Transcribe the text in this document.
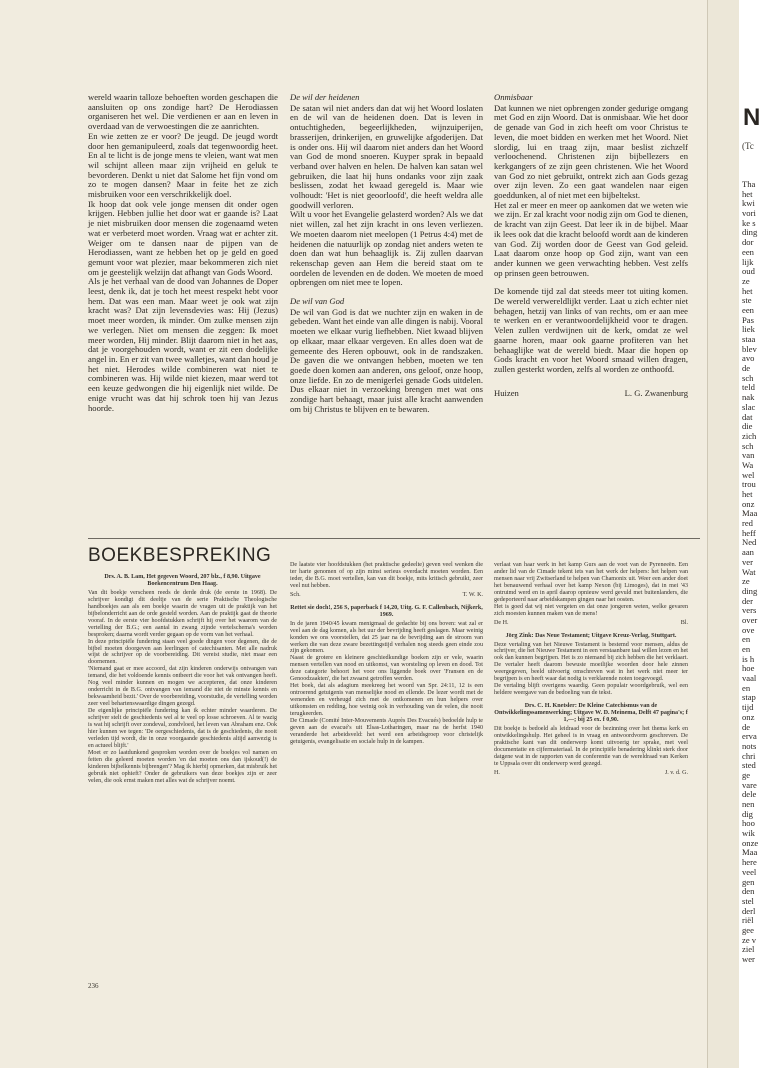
wereld waarin talloze behoeften worden geschapen die aansluiten op ons zondige hart? De Herodiassen organiseren het wel. Die verdienen er aan en leven in overdaad van de verwoestingen die ze aanrichten.

En wie zetten ze er voor? De jeugd. De jeugd wordt door hen gemanipuleerd, zoals dat tegenwoordig heet. En al te licht is de jonge mens te vleien, want wat men wil schijnt alleen maar zijn vrijheid en geluk te bevorderen. Denkt u niet dat Salome het fijn vond om zo te mogen dansen? Maar in feite het ze zich misbruiken voor een verschrikkelijk doel.

Ik hoop dat ook vele jonge mensen dit onder ogen krijgen. Hebben jullie het door wat er gaande is? Laat je niet misbruiken door mensen die zogenaamd weten wat er verbeterd moet worden. Vraag wat er achter zit. Weiger om te dansen naar de pijpen van de Herodiassen, want ze hebben het op je geld en goed gemunt voor wat plezier, maar bekommeren zich niet om je geestelijk welzijn dat afhangt van Gods Woord.

Als je het verhaal van de dood van Johannes de Doper leest, denk ik, dat je toch het meest respekt hebt voor hem. Dat was een man. Maar weet je ook wat zijn kracht was? Dat zijn levensdevies was: Hij (Jezus) moet meer worden, ik minder. Om zulke mensen zijn we verlegen. Niet om mensen die zeggen: Ik moet meer worden, Hij minder. Blijt daarom niet in het aas, dat je voorgehouden wordt, want er zit een dodelijke angel in. En er zit van twee walletjes, want dan houd je het niet. Herodes wilde combineren wat niet te combineren was. Hij wilde niet kiezen, maar werd tot een keuze gedwongen die hij eigenlijk niet wilde. De enige vrucht was dat hij schrok toen hij van Jezus hoorde.

De wil der heidenen

De satan wil niet anders dan dat wij het Woord loslaten en de wil van de heidenen doen. Dat is leven in ontuchtigheden, begeerlijkheden, wijnzuiperijen, brasserijen, drinkerijen, en gruwelijke afgoderijen. Dat is onder ons. Hij wil daarom niet anders dan het Woord van God de mond snoeren. Kuyper sprak in bepaald verband over halven en helen. De halven kan satan wel gebruiken, die laat hij huns ondanks voor zijn zaak beslissen, zodat het kwaad geregeld is. Maar wie volhoudt: 'Het is niet geoorloofd', die heeft weldra alle goodwill verloren.

Wilt u voor het Evangelie gelasterd worden? Als we dat niet willen, zal het zijn kracht in ons leven verliezen. We moeten daarom niet meelopen (1 Petrus 4:4) met de heidenen die natuurlijk op zondag niet anders weten te doen dan wat hun behaaglijk is. Zij zullen daarvan rekenschap geven aan Hem die bereid staat om te oordelen de levenden en de doden. We moeten de moed opbrengen om niet mee te lopen.

De wil van God

De wil van God is dat we nuchter zijn en waken in de gebeden. Want het einde van alle dingen is nabij. Vooral moeten we elkaar vurig liefhebben. Niet kwaad blijven op elkaar, maar elkaar vergeven. En alles doen wat de gemeente des Heren opbouwt, ook in de randszaken. De gaven die we ontvangen hebben, moeten we ten goede doen komen aan anderen, ons geloof, onze hoop, onze liefde. En zo de menigerlei genade Gods uitdelen. Dus elkaar niet in verzoeking brengen met wat ons zondige hart behaagt, maar juist alle kracht aanwenden om bij Christus te blijven en te bewaren.

Onmisbaar

Dat kunnen we niet opbrengen zonder gedurige omgang met God en zijn Woord. Dat is onmisbaar. Wie het door de genade van God in zich heeft om voor Christus te leven, die moet bidden en werken met het Woord. Niet slordig, lui en traag zijn, maar beslist zichzelf verloochenend. Christenen zijn bijbellezers en kerkgangers of ze zijn geen christenen. Wie het Woord van God zo niet gebruikt, ontrekt zich aan Gods gezag over zijn leven. Zo een gaat wandelen naar eigen goeddunken, al of niet met een bijbeltekst.

Het zal er meer en meer op aankomen dat we weten wie we zijn. Er zal kracht voor nodig zijn om God te dienen, de kracht van zijn Geest. Dat leer ik in de bijbel. Maar ik lees ook dat die kracht beloofd wordt aan de kinderen van God. Zij worden door de Geest van God geleid. Laat daarom onze hoop op God zijn, want van een ander kunnen we geen verwachting hebben. Vest zelfs op prinsen geen betrouwen.

De komende tijd zal dat steeds meer tot uiting komen. De wereld verwereldlijkt verder. Laat u zich echter niet behagen, hetzij van links of van rechts, om er aan mee te werken en er verantwoordelijkheid voor te dragen. Velen zullen verdwijnen uit de kerk, omdat ze wel gaarne horen, maar ook gaarne profiteren van het behaaglijke wat de wereld biedt. Maar die hopen op Gods kracht en voor het Woord smaad willen dragen, zullen gesterkt worden, zelfs al worden ze onthoofd.

Huizen	L. G. Zwanenburg
BOEKBESPREKING

Drs. A. B. Lam, Het gegeven Woord, 207 blz., f 8,90. Uitgave Boekencentrum Den Haag.

Van dit boekje verscheen reeds de derde druk (de eerste in 1968). De schrijver kondigt dit deeltje van de serie Praktische Theologische handboekjes aan als een boekje waarin de vragen uit de praktijk van het bijbelonderricht aan de orde gesteld worden. Aan de praktijk gaat de theorie vooraf. In de eerste vier hoofdstukken schrijft hij over het waarom van de vertelling der B.G.; een aantal in zwang zijnde vertelschema's worden besproken; daarna wordt verder gegaan op de vorm van het verhaal.

In deze principiële fundering staan veel goede dingen voor degenen, die de bijbel moeten doorgeven aan leerlingen of catechisanten. Met alle nadruk wijst de schrijver op de voorbereiding. Dit vereist studie, niet maar een doornemen.

'Niemand gaat er mee accoord, dat zijn kinderen onderwijs ontvangen van iemand, die het voldoende kennis ontbeert die voor het vak ontvangen heeft. Nog veel minder kunnen en mogen we accepteren, dat onze kinderen onderricht in de B.G. ontvangen van iemand die niet de minste kennis en bekwaamheid bezit.' Over de voorbereiding, voorstudie, de vertelling worden zeer veel behartenswaardige dingen gezegd.

De eigenlijke principiële fundering kan ik echter minder waarderen. De schrijver stelt de geschiedenis wel al te veel op losse schroeven. Al te wazig is wat hij schrijft over zondeval, zondvloed, het leven van Abraham enz. Ook hier kunnen we tegen: 'De oergeschiedenis, dat is de geschiedenis, die nooit verleden tijd wordt, die in onze voorgaande geschiedenis altijd aanwezig is en actueel blijft.'

Moet er zo laatdunkend gesproken worden over de boekjes vol namen en feiten die geleerd moeten worden 'en dat moeten ons dan ijskoud(!) de kinderen bijbelkennis bijbrengen'? Mag ik hierbij opmerken, dat misbruik het gebruik niet ophieft? Onder de gebruikers van deze boekjes zijn er zeer velen, die ook ernst maken met alles wat de schrijver noemt.

De laatste vier hoofdstukken (het praktische gedeelte) geven veel wenken die ter harte genomen of op zijn minst serieus overdacht moeten worden. Een ieder, die B.G. moet vertellen, kan van dit boekje, mits kritisch gebruikt, zeer veel nut hebben.

Sch.	T. W. K.

Rettet sie doch!, 256 S, paperback f 14,20, Uitg. G. F. Callenbach, Nijkerk, 1969.

In de jaren 1940/45 kwam menigmaal de gedachte bij ons boven: wat zal er veel aan de dag komen, als het uur der bevrijding heeft geslagen. Maar weinig konden we ons voorstellen, dat 25 jaar na de bevrijding aan de stroom van werken die van deze zware bezettingstijd verhalen nog steeds geen einde zou zijn gekomen.

Naast de grotere en kleinere geschiedkundige boeken zijn er vele, waarin mensen vertellen van nood en uitkomst, van worsteling op leven en dood. Tot deze categorie behoort het voor ons liggende boek over 'Fransen en de Genoodzaakten', die het zwaarst getroffen werden.

Het boek, dat als adagium meekreeg het woord van Spr. 24:11, 12 is een ontroerend getuigenis van menselijke nood en ellende. De lezer wordt met de wenenden en verheugd zich met de ontkomenen en hun helpers over uitkomsten en redding, hoe weinig ook in verhouding van de velen, die nooit terugkeerden.

De Cimade (Comité Inter-Mouvements Auprès Des Evacués) bedoelde hulp te geven aan de evacué's uit Elsas-Lotharingen, maar na de herfst 1940 veranderde het arbeidsveld: het werd een arbeidsgroep voor christelijk getuigenis, evangelisatie en sociale hulp in de kampen.

verlaat van haar werk in het kamp Gurs aan de voet van de Pyreneeën. Een ander lid van de Cimade tekent iets van het werk der helpers: het helpen van mensen naar vrij Zwitserland te helpen van Chamonix uit. Weer een ander doet het benauwend verhaal over het kamp Nexon (bij Limoges), dat in mei '43 ontruimd werd en in april daarop opnieuw werd gevuld met buitenlanders, die gedeporteerd naar arbeidskampen gingen naar het oosten.

Het is goed dat wij niet vergeten en dat onze jongeren weten, welke gevaren zich moesten kunnen maken van de mens!

De H.	Bl.

Jörg Zink: Das Neue Testament; Uitgave Kreuz-Verlag, Stuttgart.

Deze vertaling van het Nieuwe Testament is bestemd voor mensen, aldus de schrijver, die het Nieuwe Testament in een verstaanbare taal willen lezen en het ook dan kunnen begrijpen. Het is zo niemand bij zich hebben die het verklaart. De vertaler heeft daarom bewuste moeilijke woorden door hele zinnen weergegeven, beeld uitvoerig omschreven wat in het werk niet meer ter begrijpen is en heeft waar dat nodig is verklarende noten toegevoegd.

De vertaling blijft overigens waardig. Geen populair woordgebruik, wel een heldere weergave van de bedoeling van de tekst.

Drs. C. H. Knetsler: De Kleine Catechismus van de Ontwikkelingssamenwerking; Uitgave W. D. Meinema, Delft 47 pagina's; f 1,—; bij 25 ex. f 0,90.

Dit boekje is bedoeld als leidraad voor de bezinning over het thema kerk en ontwikkelingshulp. Het geheel is in vraag en antwoordvorm geschreven. De praktische kant van dit onderwerp komt uitvoerig ter sprake, met veel documentatie en cijfermateriaal. In de principiële benadering klinkt sterk door datgene wat in de rapporten van de conferentie van de wereldraad van Kerken te Uppsala over dit onderwerp werd gezegd.

H.	J. v. d. G.
236
N
(Tc
Tha
het
kwi
vori
ke s
ding
dor
een
lijk
oud
ze
het
ste
een
Pas
liek
staa
blev
avo
de
sch
teld
nak
slac
dat
die
zich
sch
van
Wa
wel
trou
het
onz
Maa
red
heff
Ned
aan
ver
Wat
ze
ding
der
vers
over
ove
en
en
is h
hoe
vaal
en
stap
tijd
onz
de
erva
nots
chri
sted
ge
vare
dele
nen
dig
hoo
wik
onze
Maa
here
veel
gen
den
stel
derl
riël
gee
ze v
ziel
wer
